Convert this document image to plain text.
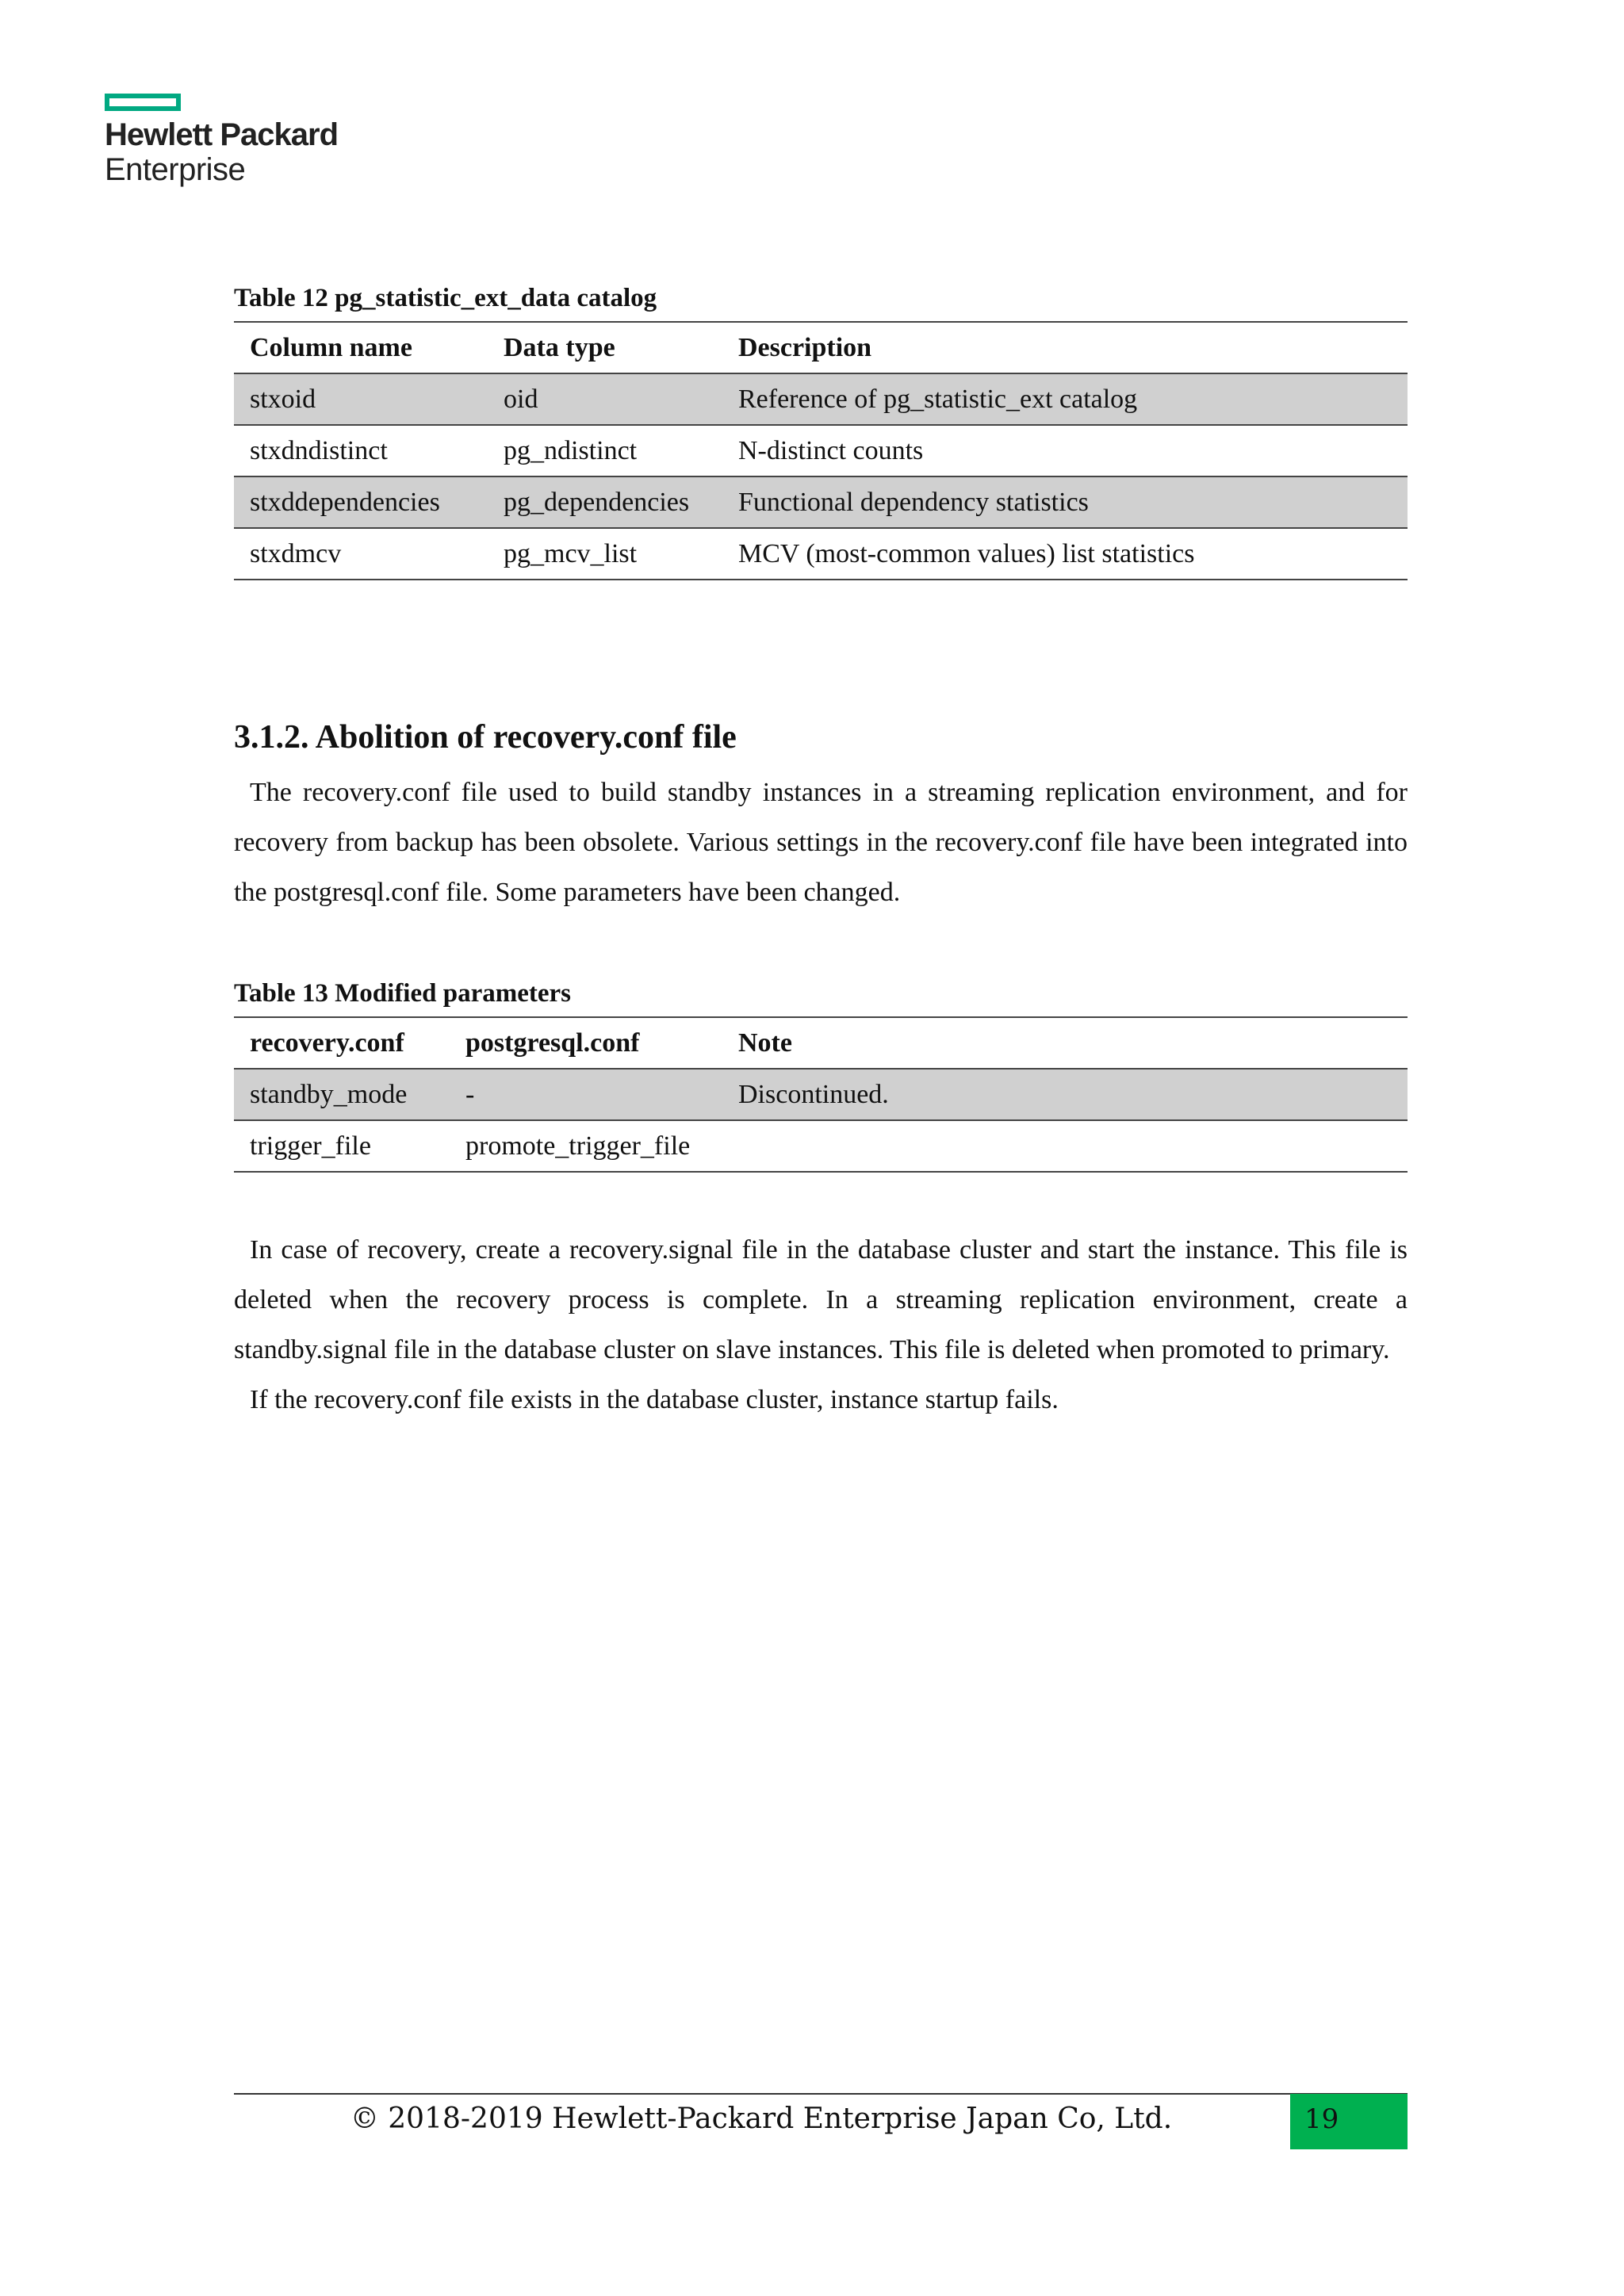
Hewlett Packard
Enterprise
Table 12 pg_statistic_ext_data catalog
Column name	Data type	Description
stxoid	oid	Reference of pg_statistic_ext catalog
stxdndistinct	pg_ndistinct	N-distinct counts
stxddependencies	pg_dependencies	Functional dependency statistics
stxdmcv	pg_mcv_list	MCV (most-common values) list statistics
3.1.2. Abolition of recovery.conf file

The recovery.conf file used to build standby instances in a streaming replication environment, and for recovery from backup has been obsolete. Various settings in the recovery.conf file have been integrated into the postgresql.conf file. Some parameters have been changed.

Table 13 Modified parameters
recovery.conf	postgresql.conf	Note
standby_mode	-	Discontinued.
trigger_file	promote_trigger_file	

In case of recovery, create a recovery.signal file in the database cluster and start the instance. This file is deleted when the recovery process is complete. In a streaming replication environment, create a standby.signal file in the database cluster on slave instances. This file is deleted when promoted to primary.

If the recovery.conf file exists in the database cluster, instance startup fails.

© 2018-2019 Hewlett-Packard Enterprise Japan Co, Ltd.	19
